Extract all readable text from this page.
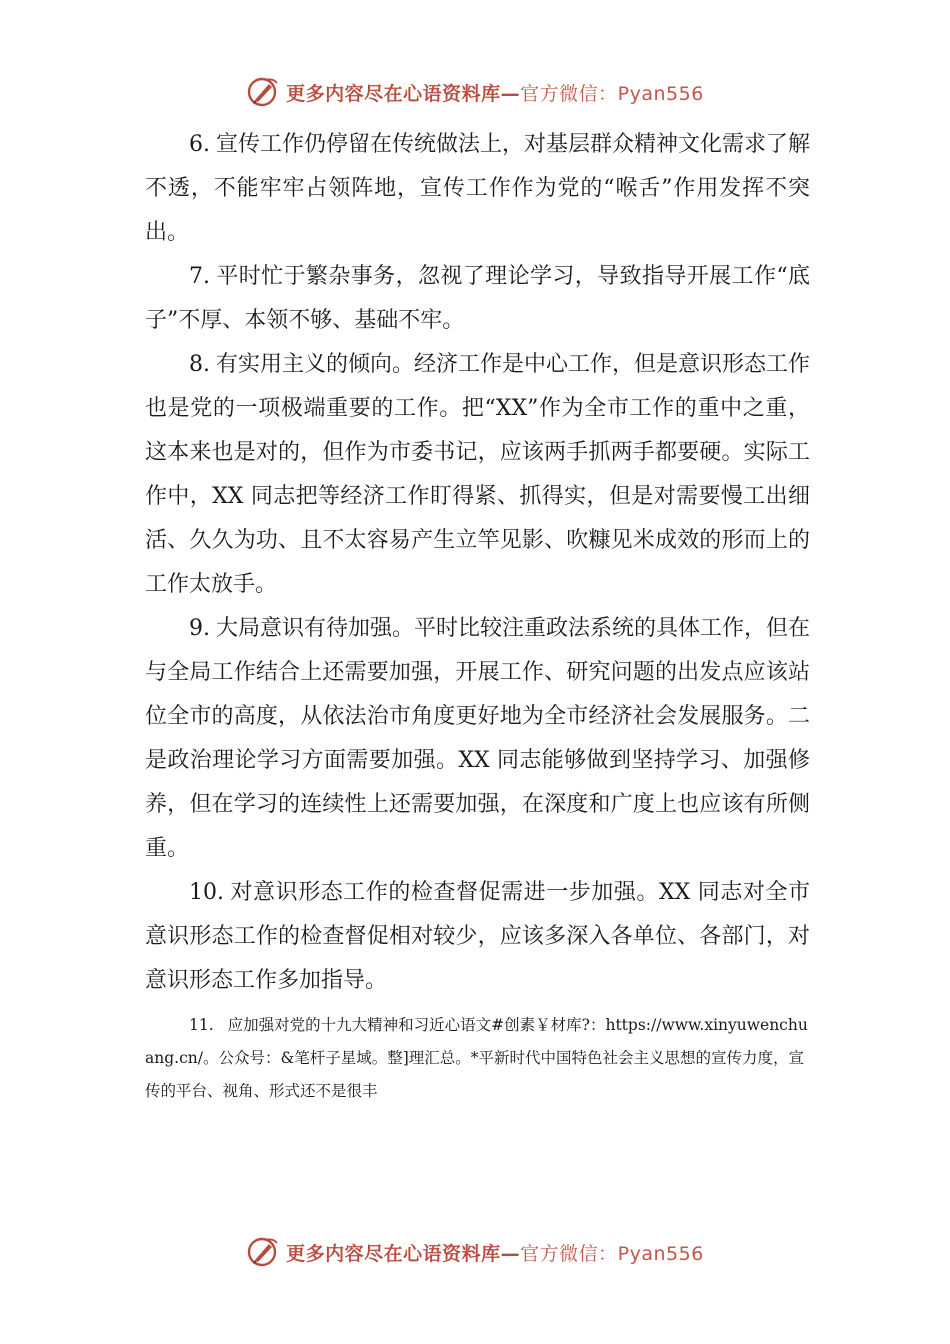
更多内容尽在心语资料库—官方微信：Pyan556

6. 宣传工作仍停留在传统做法上，对基层群众精神文化需求了解不透，不能牢牢占领阵地，宣传工作作为党的“喉舌”作用发挥不突出。

7. 平时忙于繁杂事务，忽视了理论学习，导致指导开展工作“底子”不厚、本领不够、基础不牢。

8. 有实用主义的倾向。经济工作是中心工作，但是意识形态工作也是党的一项极端重要的工作。把“XX”作为全市工作的重中之重，这本来也是对的，但作为市委书记，应该两手抓两手都要硬。实际工作中，XX 同志把等经济工作盯得紧、抓得实，但是对需要慢工出细活、久久为功、且不太容易产生立竿见影、吹糠见米成效的形而上的工作太放手。

9. 大局意识有待加强。平时比较注重政法系统的具体工作，但在与全局工作结合上还需要加强，开展工作、研究问题的出发点应该站位全市的高度，从依法治市角度更好地为全市经济社会发展服务。二是政治理论学习方面需要加强。XX 同志能够做到坚持学习、加强修养，但在学习的连续性上还需要加强，在深度和广度上也应该有所侧重。

10. 对意识形态工作的检查督促需进一步加强。XX 同志对全市意识形态工作的检查督促相对较少，应该多深入各单位、各部门，对意识形态工作多加指导。

11. 应加强对党的十九大精神和习近心语文#创素￥材库?：https://www.xinyuwenchuang.cn/。公众号：&笔杆子星域。整]理汇总。*平新时代中国特色社会主义思想的宣传力度，宣传的平台、视角、形式还不是很丰

更多内容尽在心语资料库—官方微信：Pyan556
